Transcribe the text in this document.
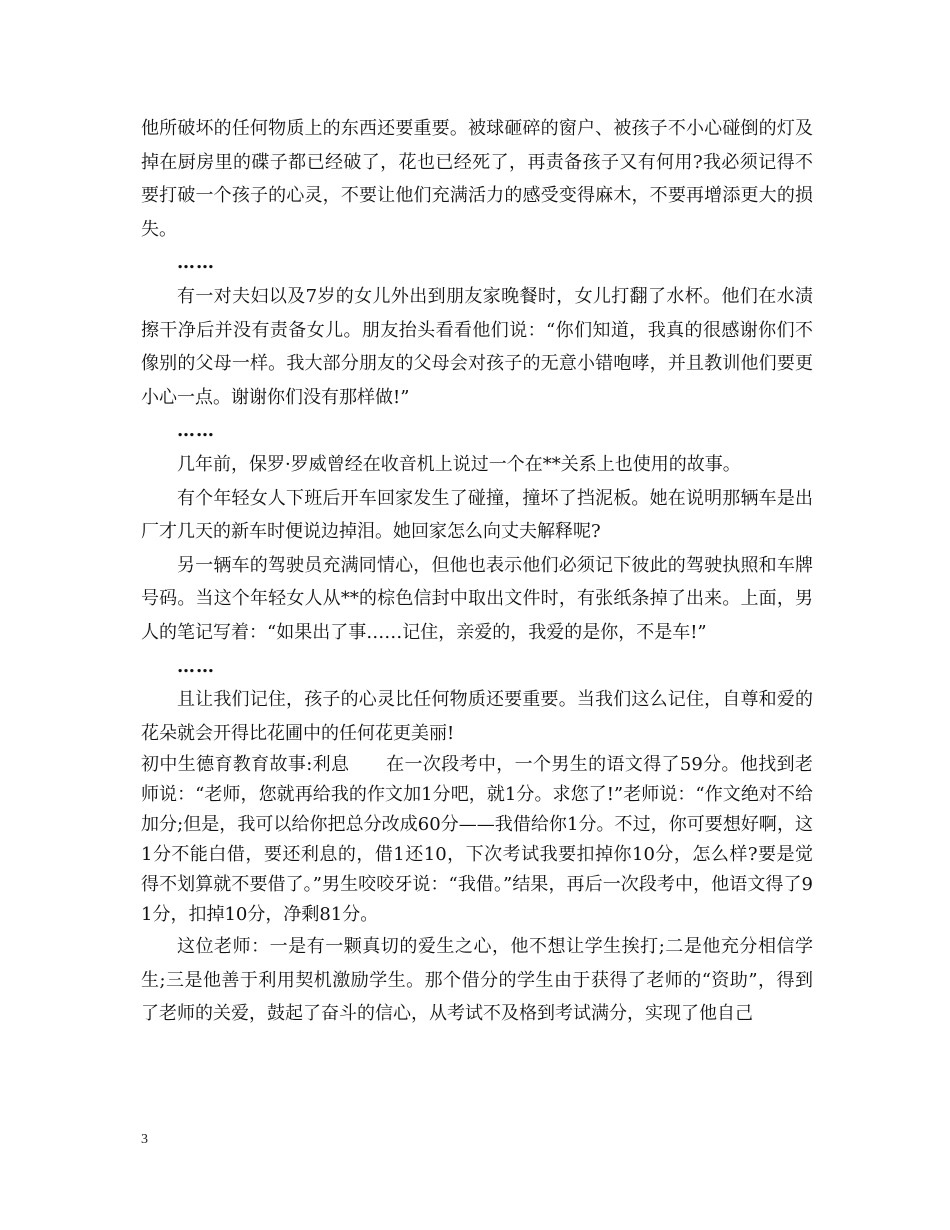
他所破坏的任何物质上的东西还要重要。被球砸碎的窗户、被孩子不小心碰倒的灯及掉在厨房里的碟子都已经破了，花也已经死了，再责备孩子又有何用?我必须记得不要打破一个孩子的心灵，不要让他们充满活力的感受变得麻木，不要再增添更大的损失。

……

有一对夫妇以及7岁的女儿外出到朋友家晚餐时，女儿打翻了水杯。他们在水渍擦干净后并没有责备女儿。朋友抬头看看他们说：“你们知道，我真的很感谢你们不像别的父母一样。我大部分朋友的父母会对孩子的无意小错咆哮，并且教训他们要更小心一点。谢谢你们没有那样做!”

……

几年前，保罗·罗威曾经在收音机上说过一个在**关系上也使用的故事。

有个年轻女人下班后开车回家发生了碰撞，撞坏了挡泥板。她在说明那辆车是出厂才几天的新车时便说边掉泪。她回家怎么向丈夫解释呢?

另一辆车的驾驶员充满同情心，但他也表示他们必须记下彼此的驾驶执照和车牌号码。当这个年轻女人从**的棕色信封中取出文件时，有张纸条掉了出来。上面，男人的笔记写着：“如果出了事……记住，亲爱的，我爱的是你，不是车!”

……

且让我们记住，孩子的心灵比任何物质还要重要。当我们这么记住，自尊和爱的花朵就会开得比花圃中的任何花更美丽!

初中生德育教育故事:利息　　在一次段考中，一个男生的语文得了59分。他找到老师说：“老师，您就再给我的作文加1分吧，就1分。求您了!”老师说：“作文绝对不给加分;但是，我可以给你把总分改成60分——我借给你1分。不过，你可要想好啊，这1分不能白借，要还利息的，借1还10，下次考试我要扣掉你10分，怎么样?要是觉得不划算就不要借了。”男生咬咬牙说：“我借。”结果，再后一次段考中，他语文得了91分，扣掉10分，净剩81分。

这位老师：一是有一颗真切的爱生之心，他不想让学生挨打;二是他充分相信学生;三是他善于利用契机激励学生。那个借分的学生由于获得了老师的“资助”，得到了老师的关爱，鼓起了奋斗的信心，从考试不及格到考试满分，实现了他自己

3
